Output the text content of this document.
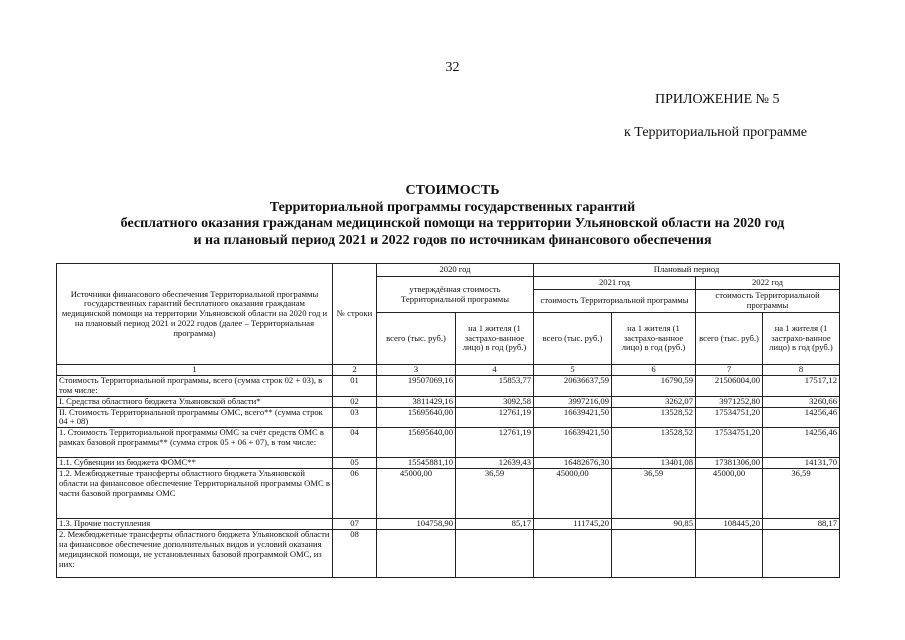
32
ПРИЛОЖЕНИЕ № 5
к Территориальной программе
СТОИМОСТЬ
Территориальной программы государственных гарантий
бесплатного оказания гражданам медицинской помощи на территории Ульяновской области на 2020 год
и на плановый период 2021 и 2022 годов по источникам финансового обеспечения
Источники финансового обеспечения Территориальной программы государственных гарантий бесплатного оказания гражданам медицинской помощи на территории Ульяновской области на 2020 год и на плановый период 2021 и 2022 годов (далее – Территориальная программа)	№ строки	2020 год		Плановый период			
		утверждённая стоимость Территориальной программы		2021 год		2022 год	
				стоимость Территориальной программы		стоимость Территориальной программы	
		всего (тыс. руб.)	на 1 жителя (1 застрахо-ванное лицо) в год (руб.)	всего (тыс. руб.)	на 1 жителя (1 застрахо-ванное лицо) в год (руб.)	всего (тыс. руб.)	на 1 жителя (1 застрахо-ванное лицо) в год (руб.)
1	2	3	4	5	6	7	8
Стоимость Территориальной программы, всего (сумма строк 02 + 03), в том числе:	01	19507069,16	15853,77	20636637,59	16790,59	21506004,00	17517,12
I. Средства областного бюджета Ульяновской области*	02	3811429,16	3092,58	3997216,09	3262,07	3971252,80	3260,66
II. Стоимость Территориальной программы ОМС, всего** (сумма строк 04 + 08)	03	15695640,00	12761,19	16639421,50	13528,52	17534751,20	14256,46
1. Стоимость Территориальной программы ОМС за счёт средств ОМС в рамках базовой программы** (сумма строк 05 + 06 + 07), в том числе:	04	15695640,00	12761,19	16639421,50	13528,52	17534751,20	14256,46
1.1. Субвенции из бюджета ФОМС**	05	15545881,10	12639,43	16482676,30	13401,08	17381306,00	14131,70
1.2. Межбюджетные трансферты областного бюджета Ульяновской области на финансовое обеспечение Территориальной программы ОМС в части базовой программы ОМС	06	45000,00	36,59	45000,00	36,59	45000,00	36,59
1.3. Прочие поступления	07	104758,90	85,17	111745,20	90,85	108445,20	88,17
2. Межбюджетные трансферты областного бюджета Ульяновской области на финансовое обеспечение дополнительных видов и условий оказания медицинской помощи, не установленных базовой программой ОМС, из них:	08						
